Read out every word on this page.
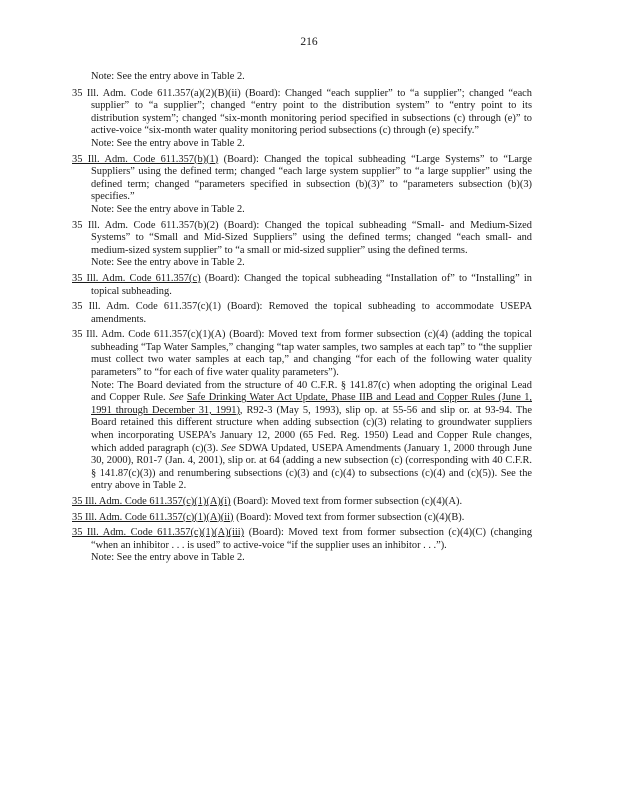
216
Note: See the entry above in Table 2.
35 Ill. Adm. Code 611.357(a)(2)(B)(ii) (Board): Changed “each supplier” to “a supplier”; changed “each supplier” to “a supplier”; changed “entry point to the distribution system” to “entry point to its distribution system”; changed “six-month monitoring period specified in subsections (c) through (e)” to active-voice “six-month water quality monitoring period subsections (c) through (e) specify.”
Note: See the entry above in Table 2.
35 Ill. Adm. Code 611.357(b)(1) (Board): Changed the topical subheading “Large Systems” to “Large Suppliers” using the defined term; changed “each large system supplier” to “a large supplier” using the defined term; changed “parameters specified in subsection (b)(3)” to “parameters subsection (b)(3) specifies.”
Note: See the entry above in Table 2.
35 Ill. Adm. Code 611.357(b)(2) (Board): Changed the topical subheading “Small- and Medium-Sized Systems” to “Small and Mid-Sized Suppliers” using the defined terms; changed “each small- and medium-sized system supplier” to “a small or mid-sized supplier” using the defined terms.
Note: See the entry above in Table 2.
35 Ill. Adm. Code 611.357(c) (Board): Changed the topical subheading “Installation of” to “Installing” in topical subheading.
35 Ill. Adm. Code 611.357(c)(1) (Board): Removed the topical subheading to accommodate USEPA amendments.
35 Ill. Adm. Code 611.357(c)(1)(A) (Board): Moved text from former subsection (c)(4) (adding the topical subheading “Tap Water Samples,” changing “tap water samples, two samples at each tap” to “the supplier must collect two water samples at each tap,” and changing “for each of the following water quality parameters” to “for each of five water quality parameters”).
Note: The Board deviated from the structure of 40 C.F.R. § 141.87(c) when adopting the original Lead and Copper Rule. See Safe Drinking Water Act Update, Phase IIB and Lead and Copper Rules (June 1, 1991 through December 31, 1991), R92-3 (May 5, 1993), slip op. at 55-56 and slip or. at 93-94. The Board retained this different structure when adding subsection (c)(3) relating to groundwater suppliers when incorporating USEPA’s January 12, 2000 (65 Fed. Reg. 1950) Lead and Copper Rule changes, which added paragraph (c)(3). See SDWA Updated, USEPA Amendments (January 1, 2000 through June 30, 2000), R01-7 (Jan. 4, 2001), slip or. at 64 (adding a new subsection (c) (corresponding with 40 C.F.R. § 141.87(c)(3)) and renumbering subsections (c)(3) and (c)(4) to subsections (c)(4) and (c)(5)). See the entry above in Table 2.
35 Ill. Adm. Code 611.357(c)(1)(A)(i) (Board): Moved text from former subsection (c)(4)(A).
35 Ill. Adm. Code 611.357(c)(1)(A)(ii) (Board): Moved text from former subsection (c)(4)(B).
35 Ill. Adm. Code 611.357(c)(1)(A)(iii) (Board): Moved text from former subsection (c)(4)(C) (changing “when an inhibitor . . . is used” to active-voice “if the supplier uses an inhibitor . . .”).
Note: See the entry above in Table 2.
